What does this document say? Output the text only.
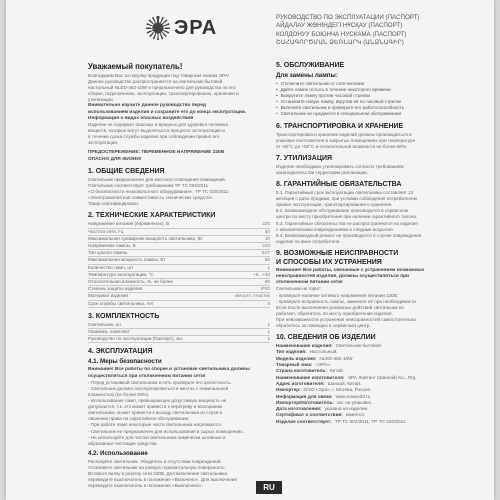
ЭРА	РУКОВОДСТВО ПО ЭКСПЛУАТАЦИИ (ПАСПОРТ)
АЙДАЛАУ ЖӨНІНДЕГІ НҰСҚАУ (ПАСПОРТ)
КОЛДОНУУ БОЮНЧА НУСКАМА (ПАСПОРТ)
ՇԱՀԱԳՈՐԾՄԱՆ ՁԵՌՆԱՐԿ (ԱՆՁՆԱԳԻՐ)
Уважаемый покупатель!
Благодарим Вас за покупку продукции под товарным знаком ЭРА!
Данное руководство распространяется на светильник бытовой
настольный NLED-462-10W и предназначено для руководства по его
сборке, подключению, эксплуатации, транспортированию, хранению и
утилизации.
Внимательно изучите данное руководство перед
использованием изделия и сохраните его до конца эксплуатации.
Информация о видах опасных воздействий
Изделие не содержит опасных и вредных для здоровья человека
веществ, которые могут выделяться в процессе эксплуатации и
в течение срока службы изделия при соблюдении правил его
эксплуатации.
ПРЕДОСТЕРЕЖЕНИЕ: ПЕРЕМЕННОЕ НАПРЯЖЕНИЕ 220В
ОПАСНО ДЛЯ ЖИЗНИ!
1. ОБЩИЕ СВЕДЕНИЯ
Светильник предназначен для местного освещения помещений.
Светильник соответствует требованиям ТР ТС 004/2011
«О безопасности низковольтного оборудования», ТР ТС 020/2011
«Электромагнитная совместимость технических средств».
Товар сертифицирован.
2. ТЕХНИЧЕСКИЕ ХАРАКТЕРИСТИКИ
Напряжение питания (переменное), В	220
Частота сети, Гц	50
Максимальная суммарная мощность светильника, Вт	10
Напряжение лампы, В	220
Тип цоколя лампы	E27
Максимальная мощность лампы, Вт	60
Количество ламп, шт	1
Температура эксплуатации, °С	+5...+40
Относительная влажность, %, не более	80
Степень защиты изделия	IP20
Материал изделия	металл, пластик
Срок службы светильника, лет	5
3. КОМПЛЕКТНОСТЬ
Светильник, шт	1
Упаковка, комплект	1
Руководство по эксплуатации (Паспорт), экз	1
4. ЭКСПЛУАТАЦИЯ
4.1. Меры безопасности
Внимание! Все работы по сборке и установке светильника должны
осуществляться при отключенном питании сети!
- Перед установкой светильника в сеть проверьте его целостность.
- Светильник должен эксплуатироваться в местах с номинальной
влажностью (не более 80%).
- Использование ламп, превышающих допустимую мощность не
допускается, т.к. это может привести к перегреву и возгоранию
светильника, может привести к выходу светильника из строя и
лишению права на гарантийное обслуживание.
- При работе ламп некоторые части светильника нагреваются.
- Светильник не предназначен для использования в сырых помещениях.
- Не используйте для чистки светильника химически активные и
абразивные чистящие средства.
4.2. Использование
Распакуйте светильник. Убедитесь в отсутствии повреждений.
Установите светильник на ровную горизонтальную поверхность.
Вставьте вилку в розетку сети 220В. Для включения светильника
переведите выключатель в положение «Включено». Для выключения
переведите выключатель в положение «Выключено».
5. ОБСЛУЖИВАНИЕ
Для замены лампы:
• Отключите светильник от сети питания
• Дайте лампе остыть в течение некоторого времени
• Выкрутите лампу против часовой стрелки
• Установите новую лампу, вкрутив её по часовой стрелке
• Включите светильник и проверьте его работоспособность
• Светильник не нуждается в специальном обслуживании
6. ТРАНСПОРТИРОВКА И ХРАНЕНИЕ
Транспортировка и хранение изделий должны производиться в
упаковке изготовителя в закрытых помещениях при температуре
от -50°С до +50°С и относительной влажности не более 80%.
7. УТИЛИЗАЦИЯ
Изделие необходимо утилизировать согласно требованиям
законодательства территории реализации.
8. ГАРАНТИЙНЫЕ ОБЯЗАТЕЛЬСТВА
8.1. Гарантийный срок эксплуатации светильника составляет 12
месяцев с даты продажи, при условии соблюдения потребителем
правил эксплуатации, транспортирования и хранения.
8.2. Безвозмездное обслуживание производится в сервисном
центре по месту приобретения при наличии гарантийного талона.
8.3. Гарантийные обязательства не распространяются на изделия
с механическими повреждениями и следами вскрытия.
8.4. Безвозмездный ремонт не производится в случае повреждения
изделия по вине потребителя.
9. ВОЗМОЖНЫЕ НЕИСПРАВНОСТИ
И СПОСОБЫ ИХ УСТРАНЕНИЯ
Внимание! Все работы, связанные с устранением возможных
неисправностей изделия, должны осуществляться при
отключенном питании сети!
Светильник не горит:
- проверьте наличие сетевого напряжения питания 220В;
- проверьте исправность лампы, замените её при необходимости.
Если после выполнения указанных действий светильник не
работает, обратитесь по месту приобретения изделия.
При невозможности устранения неисправностей самостоятельно
обратитесь за помощью в сервисный центр.
10. СВЕДЕНИЯ ОБ ИЗДЕЛИИ
Наименование изделия: Светильник бытовой.
Тип изделия: Настольный.
Модель изделия: NLED-462-10W
Товарный знак: «ЭРА».
Страна изготовитель: Китай.
Наименование изготовителя: ЭРА Лайтинг (Шанхай) Ко., Лтд.
Адрес изготовителя: Шанхай, Китай.
Импортер: ООО «Эра», г. Москва, Россия.
Информация для связи: www.eraworld.ru
Импортер/Изготовитель: см. на упаковке.
Дата изготовления: указана на изделии.
Сертификат о соответствии: имеется.
Изделие соответствует: ТР ТС 004/2011, ТР ТС 020/2011
RU
